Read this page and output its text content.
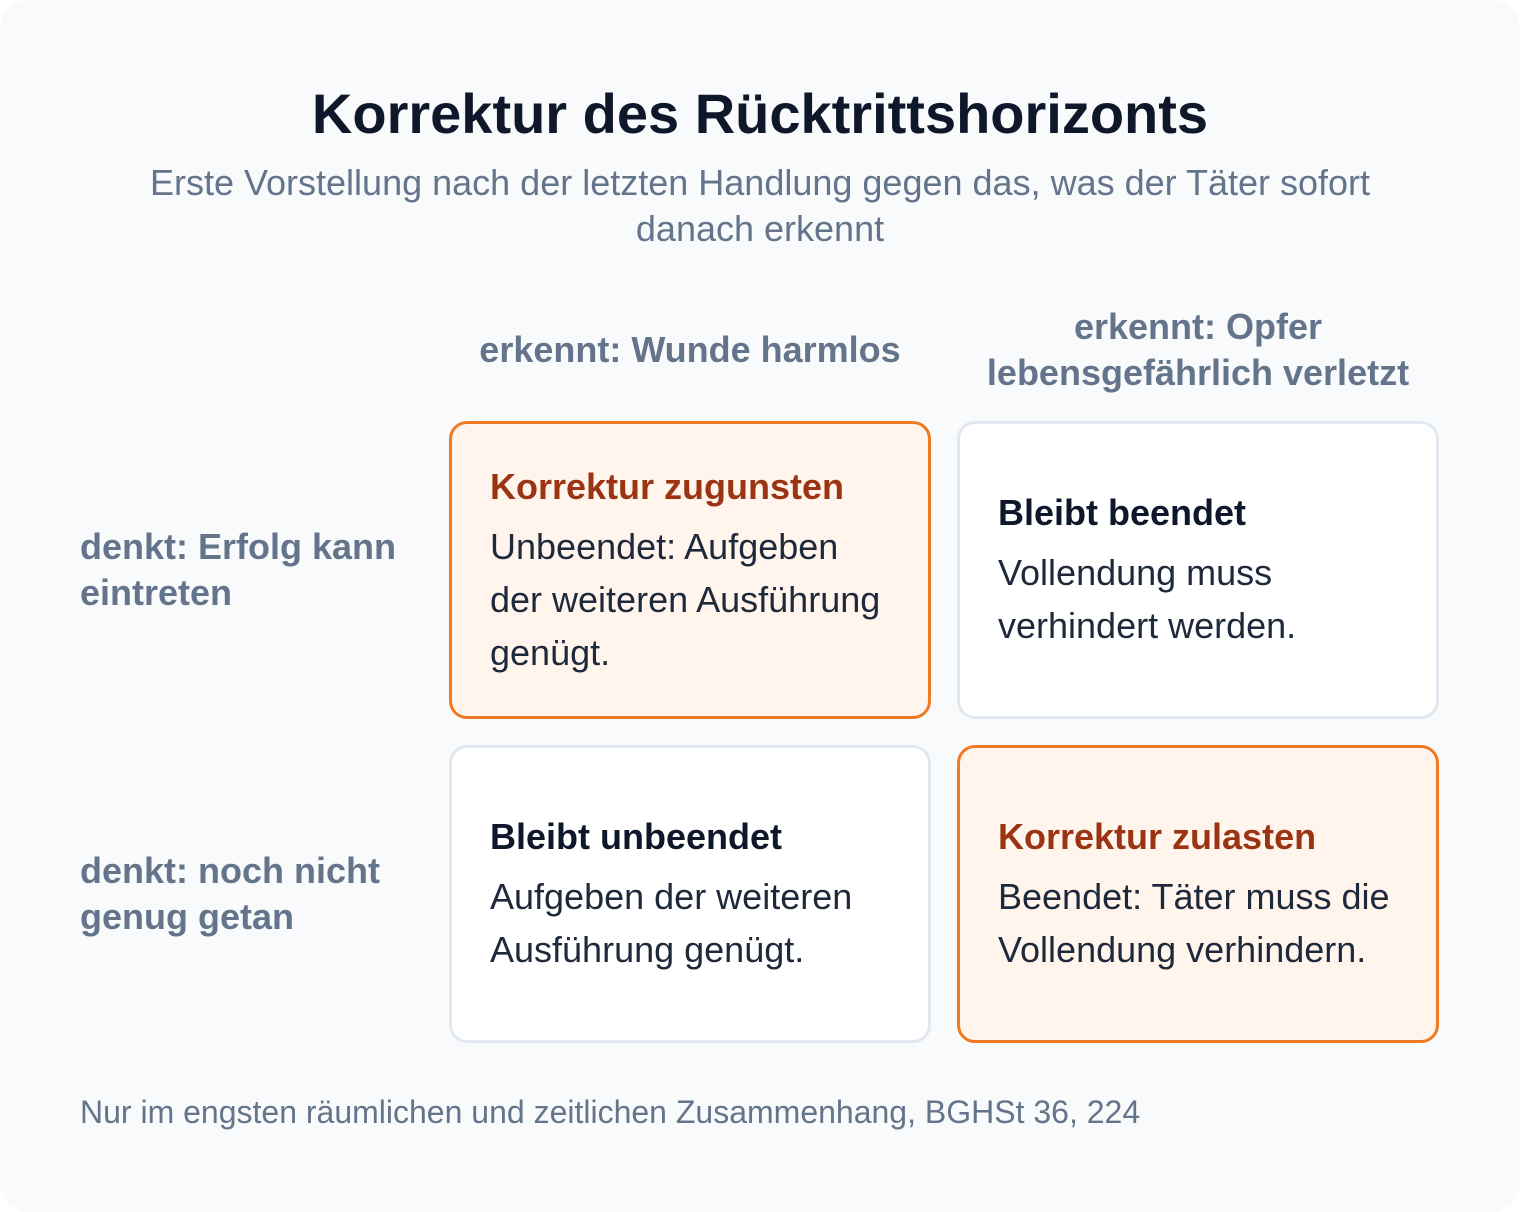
Korrektur des Rücktrittshorizonts

Erste Vorstellung nach der letzten Handlung gegen das, was der Täter sofort danach erkennt

erkennt: Wunde harmlos
erkennt: Opfer lebensgefährlich verletzt
denkt: Erfolg kann eintreten
denkt: noch nicht genug getan
Korrektur zugunsten
Unbeendet: Aufgeben der weiteren Ausführung genügt.
Bleibt beendet
Vollendung muss verhindert werden.
Bleibt unbeendet
Aufgeben der weiteren Ausführung genügt.
Korrektur zulasten
Beendet: Täter muss die Vollendung verhindern.
Nur im engsten räumlichen und zeitlichen Zusammenhang, BGHSt 36, 224
